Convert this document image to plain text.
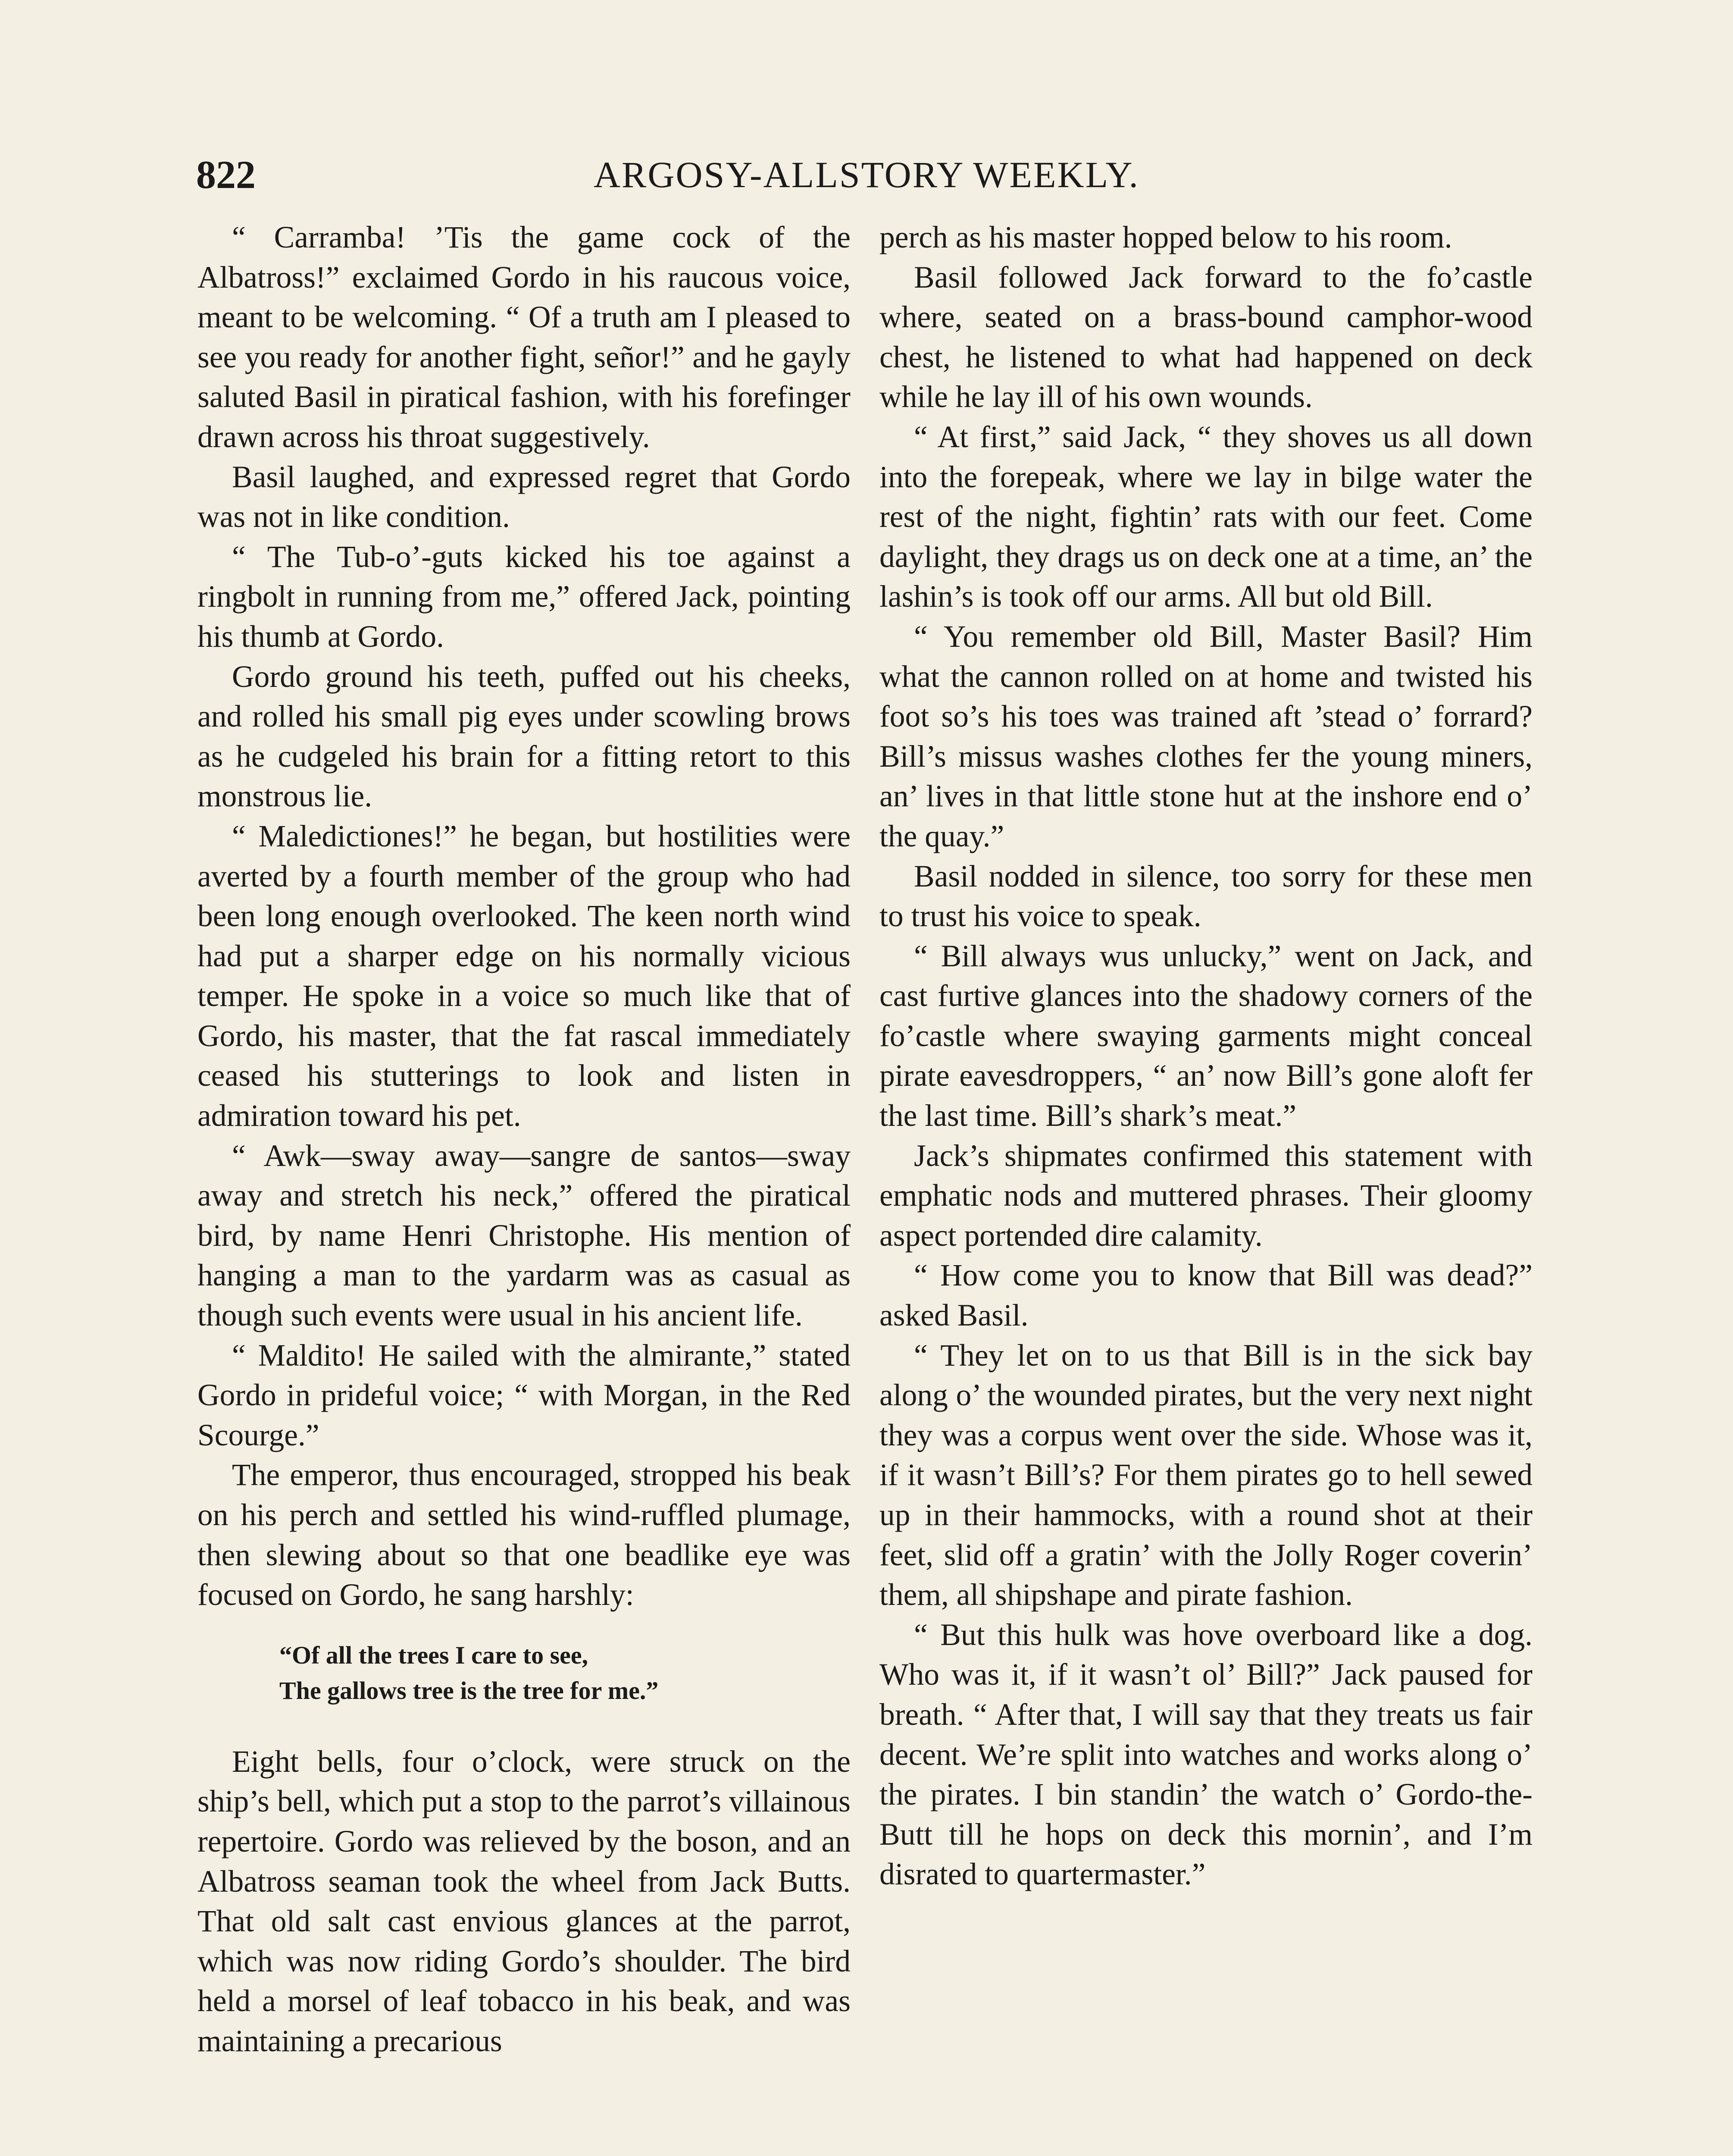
822	ARGOSY-ALLSTORY WEEKLY.

“ Carramba! ’Tis the game cock of the Albatross!” exclaimed Gordo in his raucous voice, meant to be welcoming. “ Of a truth am I pleased to see you ready for another fight, señor!” and he gayly saluted Basil in piratical fashion, with his forefinger drawn across his throat suggestively.

Basil laughed, and expressed regret that Gordo was not in like condition.

“ The Tub-o’-guts kicked his toe against a ringbolt in running from me,” offered Jack, pointing his thumb at Gordo.

Gordo ground his teeth, puffed out his cheeks, and rolled his small pig eyes under scowling brows as he cudgeled his brain for a fitting retort to this monstrous lie.

“ Maledictiones!” he began, but hostilities were averted by a fourth member of the group who had been long enough overlooked. The keen north wind had put a sharper edge on his normally vicious temper. He spoke in a voice so much like that of Gordo, his master, that the fat rascal immediately ceased his stutterings to look and listen in admiration toward his pet.

“ Awk—sway away—sangre de santos—sway away and stretch his neck,” offered the piratical bird, by name Henri Christophe. His mention of hanging a man to the yardarm was as casual as though such events were usual in his ancient life.

“ Maldito! He sailed with the almirante,” stated Gordo in prideful voice; “ with Morgan, in the Red Scourge.”

The emperor, thus encouraged, stropped his beak on his perch and settled his wind-ruffled plumage, then slewing about so that one beadlike eye was focused on Gordo, he sang harshly:

“Of all the trees I care to see,
The gallows tree is the tree for me.”

Eight bells, four o’clock, were struck on the ship’s bell, which put a stop to the parrot’s villainous repertoire. Gordo was relieved by the boson, and an Albatross seaman took the wheel from Jack Butts. That old salt cast envious glances at the parrot, which was now riding Gordo’s shoulder. The bird held a morsel of leaf tobacco in his beak, and was maintaining a precarious

perch as his master hopped below to his room.

Basil followed Jack forward to the fo’castle where, seated on a brass-bound camphor-wood chest, he listened to what had happened on deck while he lay ill of his own wounds.

“ At first,” said Jack, “ they shoves us all down into the forepeak, where we lay in bilge water the rest of the night, fightin’ rats with our feet. Come daylight, they drags us on deck one at a time, an’ the lashin’s is took off our arms. All but old Bill.

“ You remember old Bill, Master Basil? Him what the cannon rolled on at home and twisted his foot so’s his toes was trained aft ’stead o’ forrard? Bill’s missus washes clothes fer the young miners, an’ lives in that little stone hut at the inshore end o’ the quay.”

Basil nodded in silence, too sorry for these men to trust his voice to speak.

“ Bill always wus unlucky,” went on Jack, and cast furtive glances into the shadowy corners of the fo’castle where swaying garments might conceal pirate eavesdroppers, “ an’ now Bill’s gone aloft fer the last time. Bill’s shark’s meat.”

Jack’s shipmates confirmed this statement with emphatic nods and muttered phrases. Their gloomy aspect portended dire calamity.

“ How come you to know that Bill was dead?” asked Basil.

“ They let on to us that Bill is in the sick bay along o’ the wounded pirates, but the very next night they was a corpus went over the side. Whose was it, if it wasn’t Bill’s? For them pirates go to hell sewed up in their hammocks, with a round shot at their feet, slid off a gratin’ with the Jolly Roger coverin’ them, all shipshape and pirate fashion.

“ But this hulk was hove overboard like a dog. Who was it, if it wasn’t ol’ Bill?” Jack paused for breath. “ After that, I will say that they treats us fair decent. We’re split into watches and works along o’ the pirates. I bin standin’ the watch o’ Gordo-the-Butt till he hops on deck this mornin’, and I’m disrated to quartermaster.”
